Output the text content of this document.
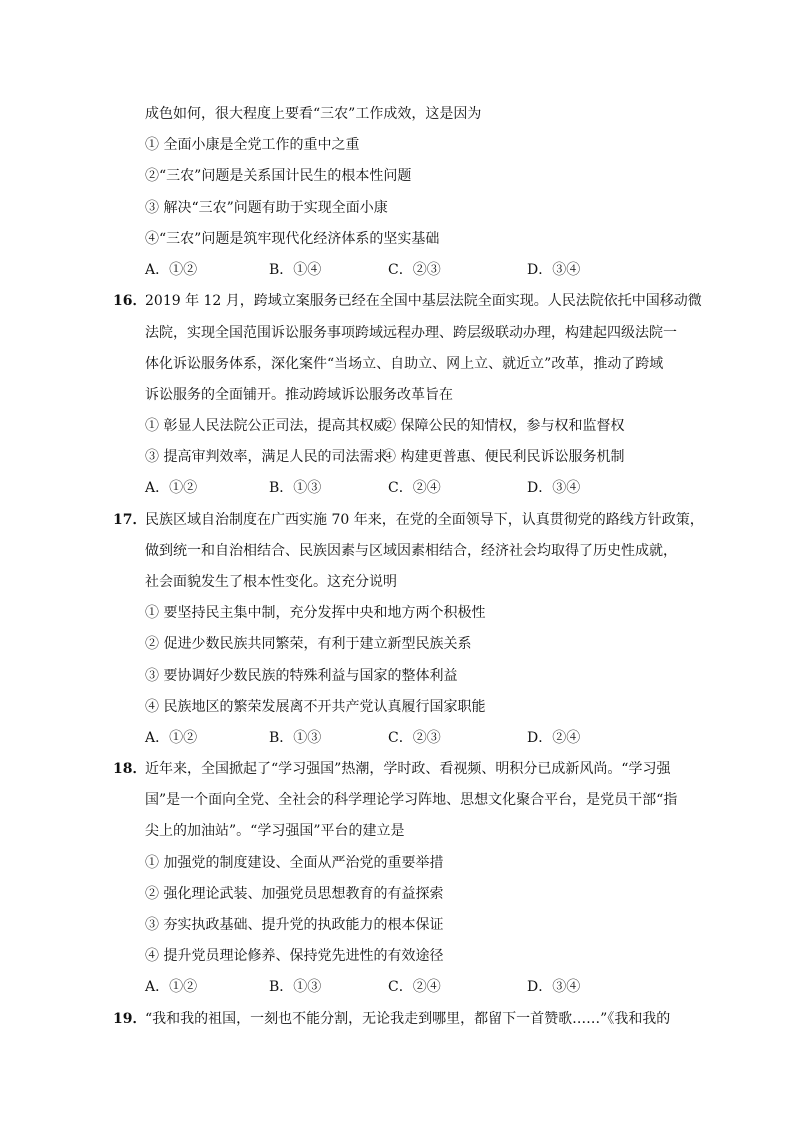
成色如何，很大程度上要看“三农”工作成效，这是因为
① 全面小康是全党工作的重中之重
②“三农”问题是关系国计民生的根本性问题
③ 解决“三农”问题有助于实现全面小康
④“三农”问题是筑牢现代化经济体系的坚实基础
A．①②	B．①④	C．②③	D．③④
16．
2019 年 12 月，跨域立案服务已经在全国中基层法院全面实现。人民法院依托中国移动微
法院，实现全国范围诉讼服务事项跨域远程办理、跨层级联动办理，构建起四级法院一
体化诉讼服务体系，深化案件“当场立、自助立、网上立、就近立”改革，推动了跨域
诉讼服务的全面铺开。推动跨域诉讼服务改革旨在
① 彰显人民法院公正司法，提高其权威
② 保障公民的知情权，参与权和监督权
③ 提高审判效率，满足人民的司法需求
④ 构建更普惠、便民利民诉讼服务机制
A．①②	B．①③	C．②④	D．③④
17．
民族区域自治制度在广西实施 70 年来，在党的全面领导下，认真贯彻党的路线方针政策，
做到统一和自治相结合、民族因素与区域因素相结合，经济社会均取得了历史性成就，
社会面貌发生了根本性变化。这充分说明
① 要坚持民主集中制，充分发挥中央和地方两个积极性
② 促进少数民族共同繁荣，有利于建立新型民族关系
③ 要协调好少数民族的特殊利益与国家的整体利益
④ 民族地区的繁荣发展离不开共产党认真履行国家职能
A．①②	B．①③	C．②③	D．②④
18．
近年来，全国掀起了“学习强国”热潮，学时政、看视频、明积分已成新风尚。“学习强
国”是一个面向全党、全社会的科学理论学习阵地、思想文化聚合平台，是党员干部“指
尖上的加油站”。“学习强国”平台的建立是
① 加强党的制度建设、全面从严治党的重要举措
② 强化理论武装、加强党员思想教育的有益探索
③ 夯实执政基础、提升党的执政能力的根本保证
④ 提升党员理论修养、保持党先进性的有效途径
A．①②	B．①③	C．②④	D．③④
19．
“我和我的祖国，一刻也不能分割，无论我走到哪里，都留下一首赞歌……”《我和我的
